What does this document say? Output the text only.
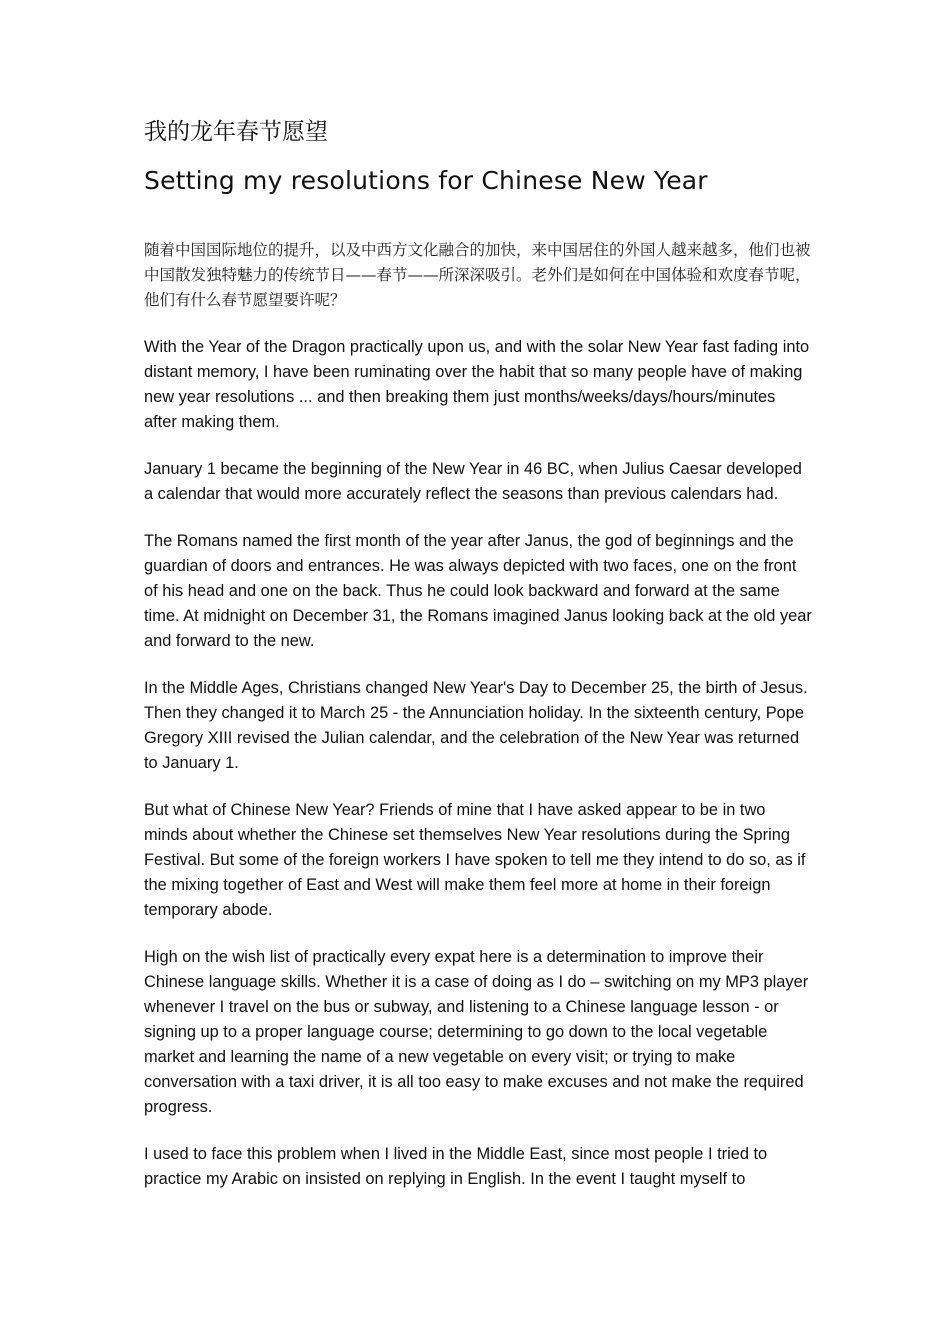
我的龙年春节愿望
Setting my resolutions for Chinese New Year

随着中国国际地位的提升，以及中西方文化融合的加快，来中国居住的外国人越来越多，他们也被中国散发独特魅力的传统节日——春节——所深深吸引。老外们是如何在中国体验和欢度春节呢，他们有什么春节愿望要许呢？

With the Year of the Dragon practically upon us, and with the solar New Year fast fading into distant memory, I have been ruminating over the habit that so many people have of making new year resolutions ... and then breaking them just months/weeks/days/hours/minutes after making them.

January 1 became the beginning of the New Year in 46 BC, when Julius Caesar developed a calendar that would more accurately reflect the seasons than previous calendars had.

The Romans named the first month of the year after Janus, the god of beginnings and the guardian of doors and entrances. He was always depicted with two faces, one on the front of his head and one on the back. Thus he could look backward and forward at the same time. At midnight on December 31, the Romans imagined Janus looking back at the old year and forward to the new.

In the Middle Ages, Christians changed New Year's Day to December 25, the birth of Jesus. Then they changed it to March 25 - the Annunciation holiday. In the sixteenth century, Pope Gregory XIII revised the Julian calendar, and the celebration of the New Year was returned to January 1.

But what of Chinese New Year? Friends of mine that I have asked appear to be in two minds about whether the Chinese set themselves New Year resolutions during the Spring Festival. But some of the foreign workers I have spoken to tell me they intend to do so, as if the mixing together of East and West will make them feel more at home in their foreign temporary abode.

High on the wish list of practically every expat here is a determination to improve their Chinese language skills. Whether it is a case of doing as I do – switching on my MP3 player whenever I travel on the bus or subway, and listening to a Chinese language lesson - or signing up to a proper language course; determining to go down to the local vegetable market and learning the name of a new vegetable on every visit; or trying to make conversation with a taxi driver, it is all too easy to make excuses and not make the required progress.

I used to face this problem when I lived in the Middle East, since most people I tried to practice my Arabic on insisted on replying in English. In the event I taught myself to
